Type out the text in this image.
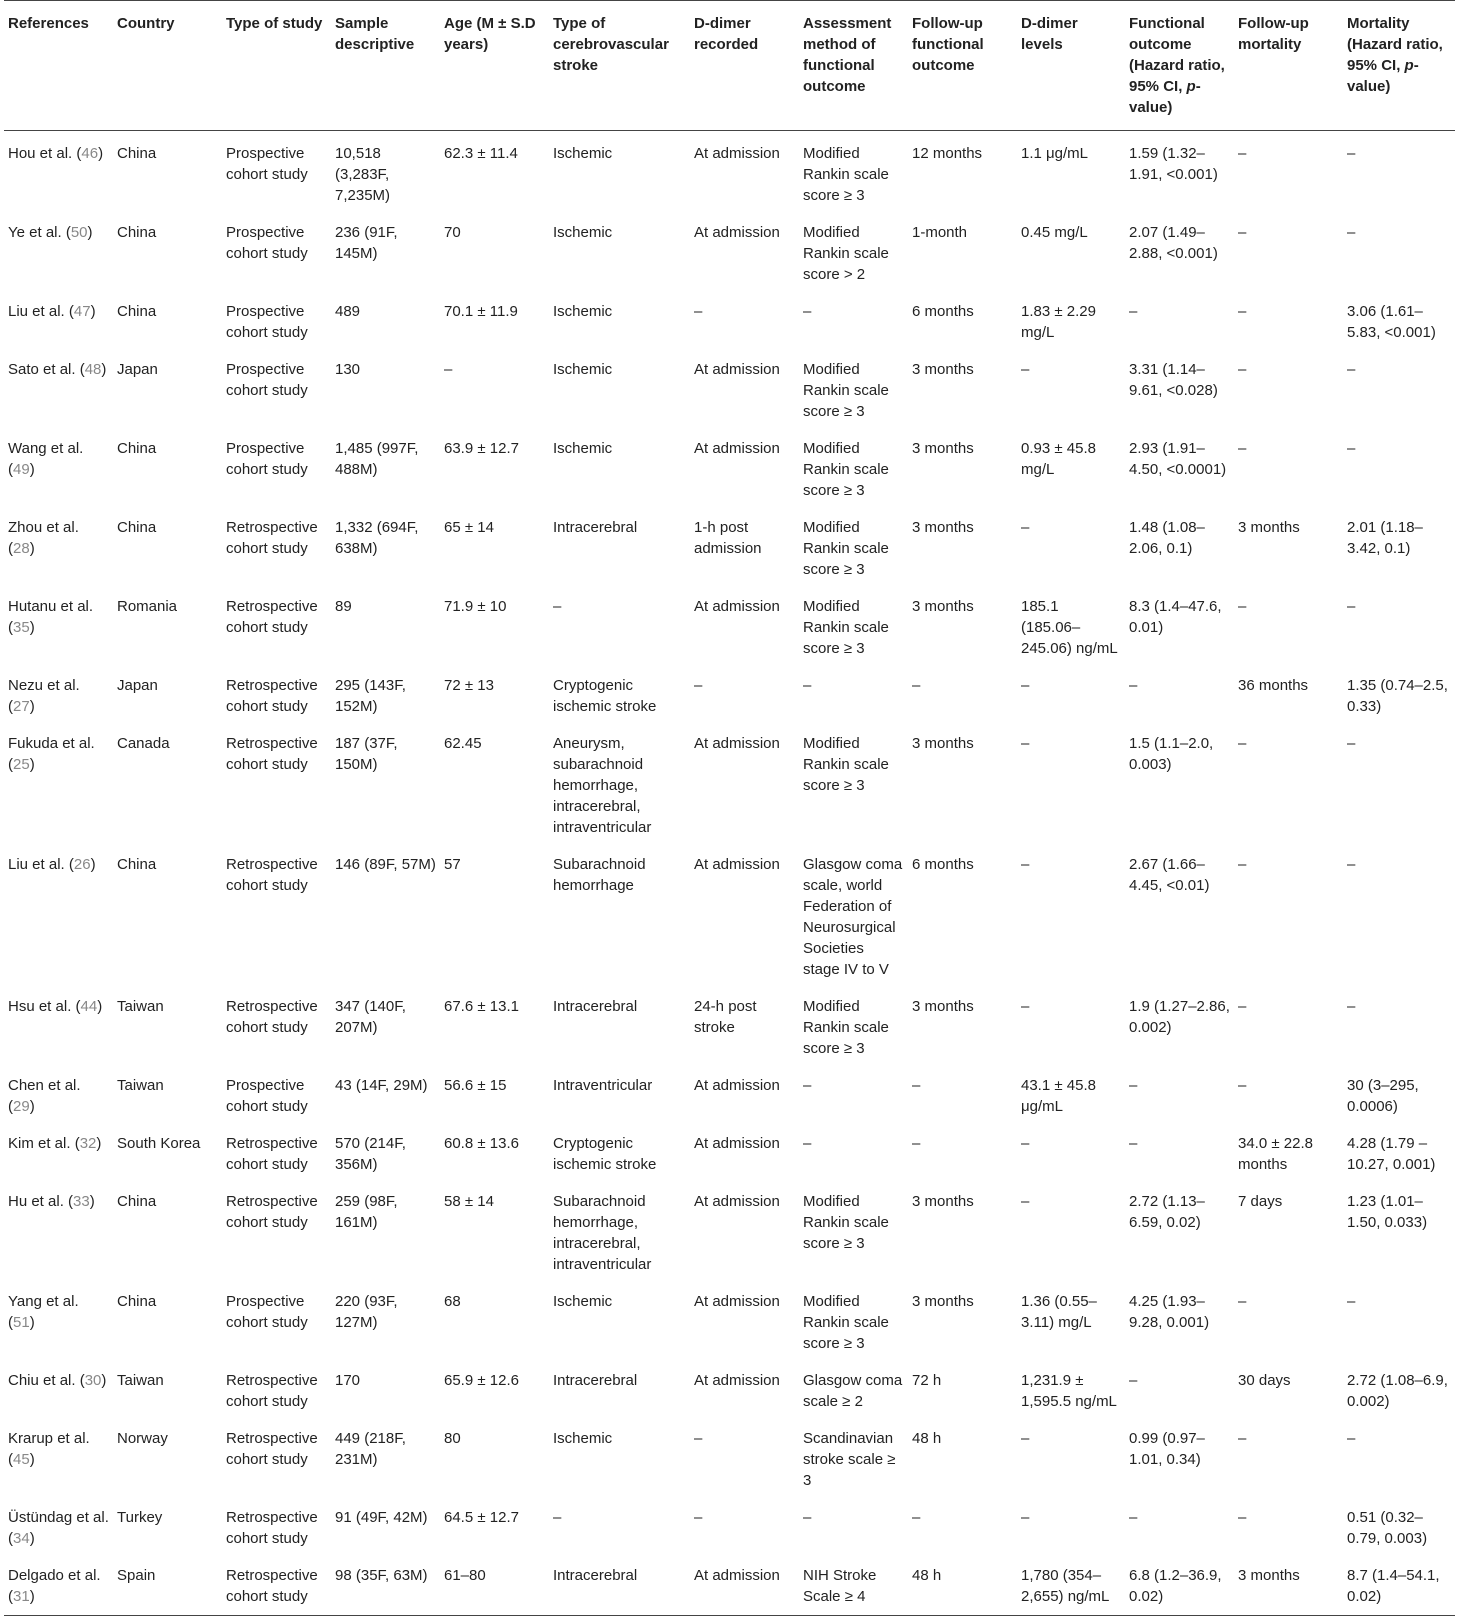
References	Country	Type of study	Sample descriptive	Age (M ± S.D years)	Type of cerebrovascular stroke	D-dimer recorded	Assessment method of functional outcome	Follow-up functional outcome	D-dimer levels	Functional outcome (Hazard ratio, 95% CI, p-value)	Follow-up mortality	Mortality (Hazard ratio, 95% CI, p-value)
Hou et al. (46)	China	Prospective cohort study	10,518 (3,283F, 7,235M)	62.3 ± 11.4	Ischemic	At admission	Modified Rankin scale score ≥ 3	12 months	1.1 μg/mL	1.59 (1.32–1.91, <0.001)	–	–
Ye et al. (50)	China	Prospective cohort study	236 (91F, 145M)	70	Ischemic	At admission	Modified Rankin scale score > 2	1-month	0.45 mg/L	2.07 (1.49–2.88, <0.001)	–	–
Liu et al. (47)	China	Prospective cohort study	489	70.1 ± 11.9	Ischemic	–	–	6 months	1.83 ± 2.29 mg/L	–	–	3.06 (1.61–5.83, <0.001)
Sato et al. (48)	Japan	Prospective cohort study	130	–	Ischemic	At admission	Modified Rankin scale score ≥ 3	3 months	–	3.31 (1.14–9.61, <0.028)	–	–
Wang et al. (49)	China	Prospective cohort study	1,485 (997F, 488M)	63.9 ± 12.7	Ischemic	At admission	Modified Rankin scale score ≥ 3	3 months	0.93 ± 45.8 mg/L	2.93 (1.91–4.50, <0.0001)	–	–
Zhou et al. (28)	China	Retrospective cohort study	1,332 (694F, 638M)	65 ± 14	Intracerebral	1-h post admission	Modified Rankin scale score ≥ 3	3 months	–	1.48 (1.08–2.06, 0.1)	3 months	2.01 (1.18–3.42, 0.1)
Hutanu et al. (35)	Romania	Retrospective cohort study	89	71.9 ± 10	–	At admission	Modified Rankin scale score ≥ 3	3 months	185.1 (185.06–245.06) ng/mL	8.3 (1.4–47.6, 0.01)	–	–
Nezu et al. (27)	Japan	Retrospective cohort study	295 (143F, 152M)	72 ± 13	Cryptogenic ischemic stroke	–	–	–	–	–	36 months	1.35 (0.74–2.5, 0.33)
Fukuda et al. (25)	Canada	Retrospective cohort study	187 (37F, 150M)	62.45	Aneurysm, subarachnoid hemorrhage, intracerebral, intraventricular	At admission	Modified Rankin scale score ≥ 3	3 months	–	1.5 (1.1–2.0, 0.003)	–	–
Liu et al. (26)	China	Retrospective cohort study	146 (89F, 57M)	57	Subarachnoid hemorrhage	At admission	Glasgow coma scale, world Federation of Neurosurgical Societies stage IV to V	6 months	–	2.67 (1.66–4.45, <0.01)	–	–
Hsu et al. (44)	Taiwan	Retrospective cohort study	347 (140F, 207M)	67.6 ± 13.1	Intracerebral	24-h post stroke	Modified Rankin scale score ≥ 3	3 months	–	1.9 (1.27–2.86, 0.002)	–	–
Chen et al. (29)	Taiwan	Prospective cohort study	43 (14F, 29M)	56.6 ± 15	Intraventricular	At admission	–	–	43.1 ± 45.8 μg/mL	–	–	30 (3–295, 0.0006)
Kim et al. (32)	South Korea	Retrospective cohort study	570 (214F, 356M)	60.8 ± 13.6	Cryptogenic ischemic stroke	At admission	–	–	–	–	34.0 ± 22.8 months	4.28 (1.79 – 10.27, 0.001)
Hu et al. (33)	China	Retrospective cohort study	259 (98F, 161M)	58 ± 14	Subarachnoid hemorrhage, intracerebral, intraventricular	At admission	Modified Rankin scale score ≥ 3	3 months	–	2.72 (1.13–6.59, 0.02)	7 days	1.23 (1.01–1.50, 0.033)
Yang et al. (51)	China	Prospective cohort study	220 (93F, 127M)	68	Ischemic	At admission	Modified Rankin scale score ≥ 3	3 months	1.36 (0.55–3.11) mg/L	4.25 (1.93–9.28, 0.001)	–	–
Chiu et al. (30)	Taiwan	Retrospective cohort study	170	65.9 ± 12.6	Intracerebral	At admission	Glasgow coma scale ≥ 2	72 h	1,231.9 ± 1,595.5 ng/mL	–	30 days	2.72 (1.08–6.9, 0.002)
Krarup et al. (45)	Norway	Retrospective cohort study	449 (218F, 231M)	80	Ischemic	–	Scandinavian stroke scale ≥ 3	48 h	–	0.99 (0.97–1.01, 0.34)	–	–
Üstündag et al. (34)	Turkey	Retrospective cohort study	91 (49F, 42M)	64.5 ± 12.7	–	–	–	–	–	–	–	0.51 (0.32–0.79, 0.003)
Delgado et al. (31)	Spain	Retrospective cohort study	98 (35F, 63M)	61–80	Intracerebral	At admission	NIH Stroke Scale ≥ 4	48 h	1,780 (354–2,655) ng/mL	6.8 (1.2–36.9, 0.02)	3 months	8.7 (1.4–54.1, 0.02)
